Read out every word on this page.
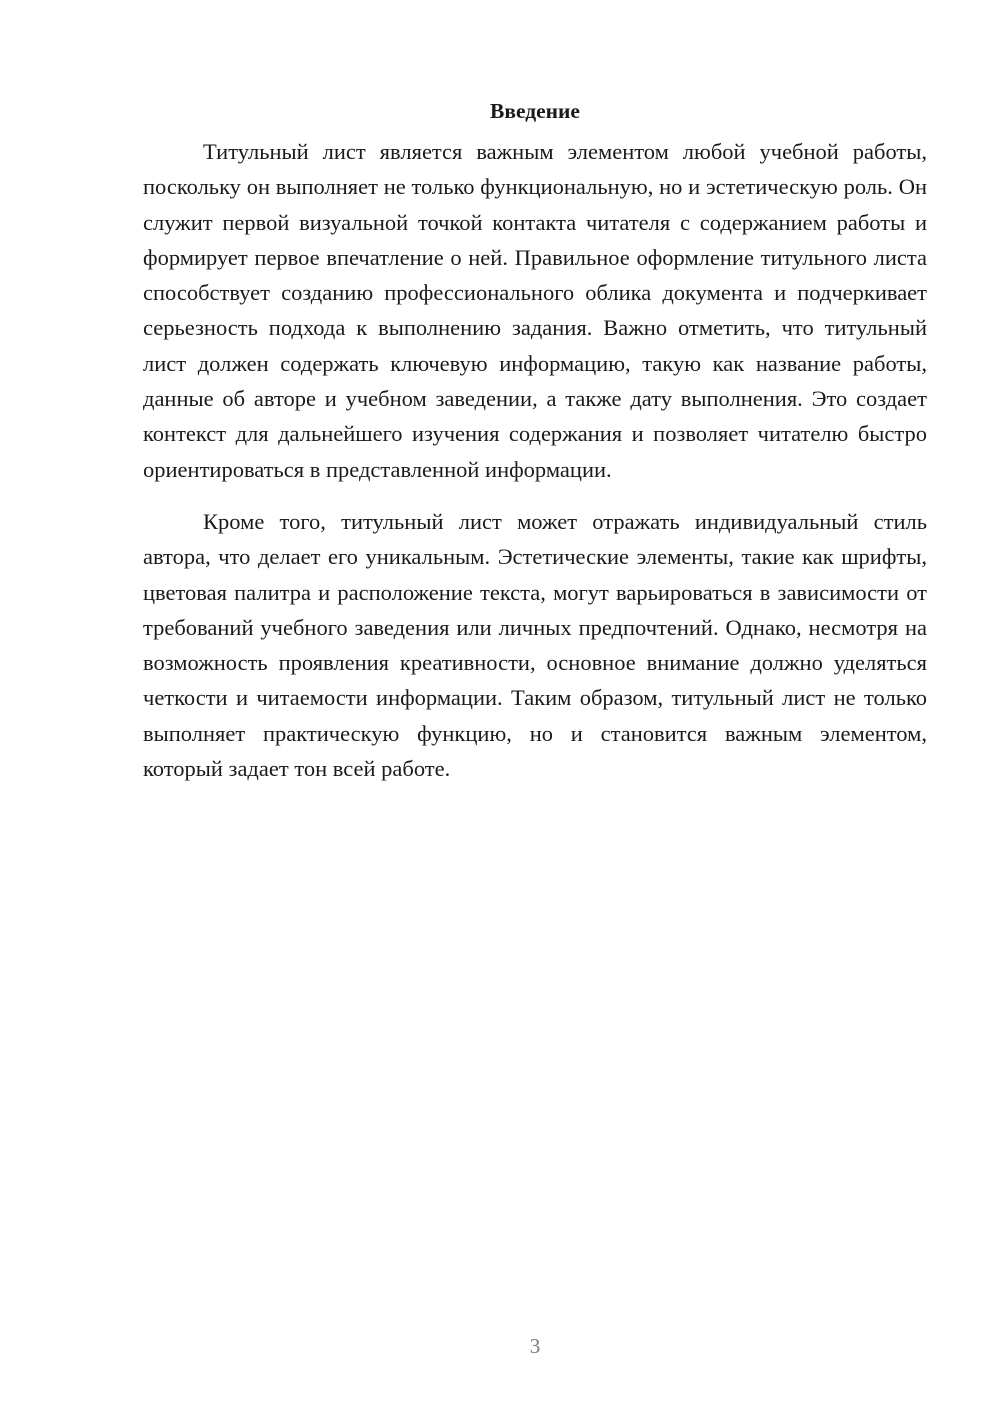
Введение

Титульный лист является важным элементом любой учебной работы, поскольку он выполняет не только функциональную, но и эстетическую роль. Он служит первой визуальной точкой контакта читателя с содержанием работы и формирует первое впечатление о ней. Правильное оформление титульного листа способствует созданию профессионального облика документа и подчеркивает серьезность подхода к выполнению задания. Важно отметить, что титульный лист должен содержать ключевую информацию, такую как название работы, данные об авторе и учебном заведении, а также дату выполнения. Это создает контекст для дальнейшего изучения содержания и позволяет читателю быстро ориентироваться в представленной информации.

Кроме того, титульный лист может отражать индивидуальный стиль автора, что делает его уникальным. Эстетические элементы, такие как шрифты, цветовая палитра и расположение текста, могут варьироваться в зависимости от требований учебного заведения или личных предпочтений. Однако, несмотря на возможность проявления креативности, основное внимание должно уделяться четкости и читаемости информации. Таким образом, титульный лист не только выполняет практическую функцию, но и становится важным элементом, который задает тон всей работе.

3
